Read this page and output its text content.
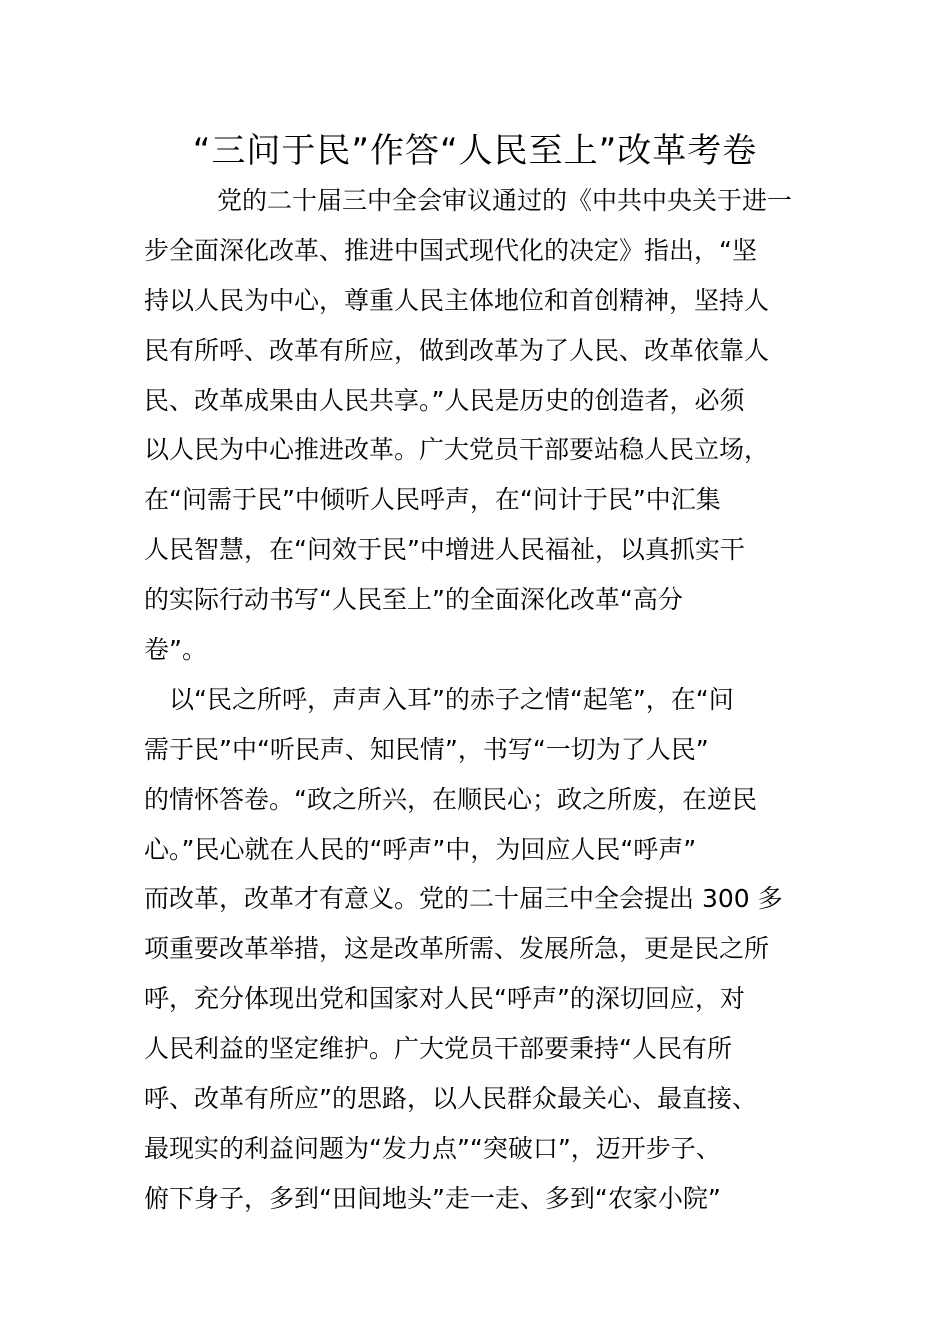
“三问于民”作答“人民至上”改革考卷
党的二十届三中全会审议通过的《中共中央关于进一
步全面深化改革、推进中国式现代化的决定》指出，“坚
持以人民为中心，尊重人民主体地位和首创精神，坚持人
民有所呼、改革有所应，做到改革为了人民、改革依靠人
民、改革成果由人民共享。”人民是历史的创造者，必须
以人民为中心推进改革。广大党员干部要站稳人民立场，
在“问需于民”中倾听人民呼声，在“问计于民”中汇集
人民智慧，在“问效于民”中增进人民福祉，以真抓实干
的实际行动书写“人民至上”的全面深化改革“高分
卷”。
以“民之所呼，声声入耳”的赤子之情“起笔”，在“问
需于民”中“听民声、知民情”，书写“一切为了人民”
的情怀答卷。“政之所兴，在顺民心；政之所废，在逆民
心。”民心就在人民的“呼声”中，为回应人民“呼声”
而改革，改革才有意义。党的二十届三中全会提出 300 多
项重要改革举措，这是改革所需、发展所急，更是民之所
呼，充分体现出党和国家对人民“呼声”的深切回应，对
人民利益的坚定维护。广大党员干部要秉持“人民有所
呼、改革有所应”的思路，以人民群众最关心、最直接、
最现实的利益问题为“发力点”“突破口”，迈开步子、
俯下身子，多到“田间地头”走一走、多到“农家小院”
